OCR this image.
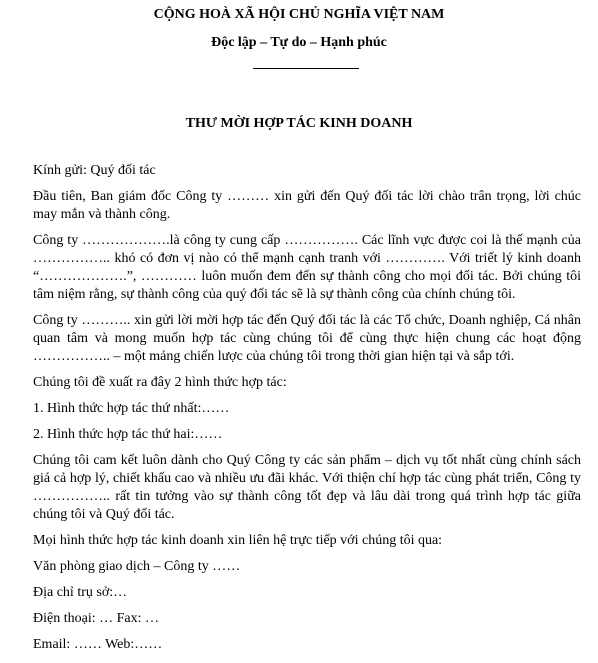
CỘNG HOÀ XÃ HỘI CHỦ NGHĨA VIỆT NAM
Độc lập – Tự do – Hạnh phúc
THƯ MỜI HỢP TÁC KINH DOANH

Kính gửi: Quý đối tác

Đầu tiên, Ban giám đốc Công ty ……… xin gửi đến Quý đối tác lời chào trân trọng, lời chúc may mắn và thành công.

Công ty ……………….là công ty cung cấp ……………. Các lĩnh vực được coi là thế mạnh của …………….. khó có đơn vị nào có thể mạnh cạnh tranh với …………. Với triết lý kinh doanh “……………….”, ………… luôn muốn đem đến sự thành công cho mọi đối tác. Bởi chúng tôi tâm niệm rằng, sự thành công của quý đối tác sẽ là sự thành công của chính chúng tôi.

Công ty ……….. xin gửi lời mời hợp tác đến Quý đối tác là các Tổ chức, Doanh nghiệp, Cá nhân quan tâm và mong muốn hợp tác cùng chúng tôi để cùng thực hiện chung các hoạt động …………….. – một mảng chiến lược của chúng tôi trong thời gian hiện tại và sắp tới.

Chúng tôi đề xuất ra đây 2 hình thức hợp tác:

1. Hình thức hợp tác thứ nhất:……

2. Hình thức hợp tác thứ hai:……

Chúng tôi cam kết luôn dành cho Quý Công ty các sản phẩm – dịch vụ tốt nhất cùng chính sách giá cả hợp lý, chiết khấu cao và nhiều ưu đãi khác. Với thiện chí hợp tác cùng phát triển, Công ty …………….. rất tin tưởng vào sự thành công tốt đẹp và lâu dài trong quá trình hợp tác giữa chúng tôi và Quý đối tác.

Mọi hình thức hợp tác kinh doanh xin liên hệ trực tiếp với chúng tôi qua:

Văn phòng giao dịch – Công ty ……

Địa chỉ trụ sở:…

Điện thoại: … Fax: …

Email: …… Web:……
